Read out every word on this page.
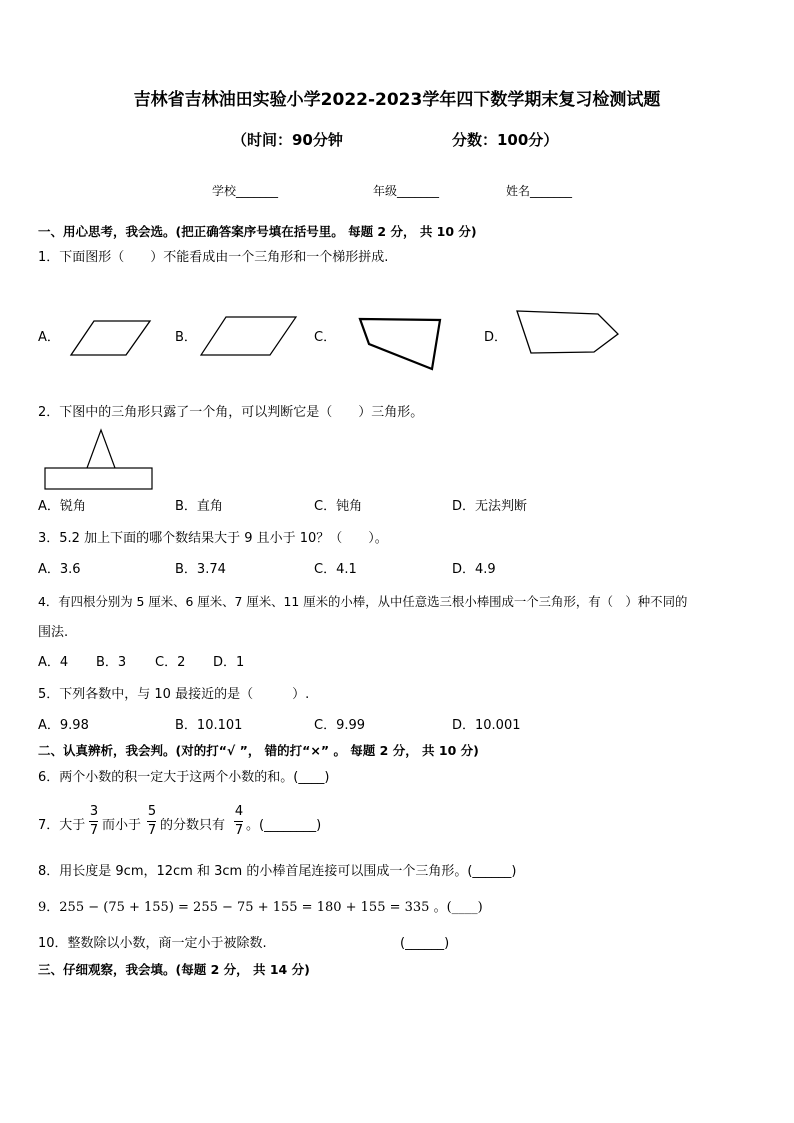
吉林省吉林油田实验小学2022-2023学年四下数学期末复习检测试题
（时间：90分钟	分数：100分）
学校_______	年级_______	姓名_______
一、用心思考，我会选。(把正确答案序号填在括号里。 每题 2 分， 共 10 分)
1．下面图形（　　）不能看成由一个三角形和一个梯形拼成.
A．	B．	C．	D．
2．下图中的三角形只露了一个角，可以判断它是（　　）三角形。
A．锐角	B．直角	C．钝角	D．无法判断
3．5.2 加上下面的哪个数结果大于 9 且小于 10？（　　）。
A．3.6	B．3.74	C．4.1	D．4.9
4．有四根分别为 5 厘米、6 厘米、7 厘米、11 厘米的小棒，从中任意选三根小棒围成一个三角形，有（　）种不同的
围法.
A．4 B．3 C．2 D．1
5．下列各数中，与 10 最接近的是（　　　）.
A．9.98	B．10.101	C．9.99	D．10.001
二、认真辨析，我会判。(对的打“√ ”， 错的打“×” 。 每题 2 分， 共 10 分)
6．两个小数的积一定大于这两个小数的和。(____)
7．大于
3
7 而小于
5
7 的分数只有
4
7 。(________)
8．用长度是 9cm，12cm 和 3cm 的小棒首尾连接可以围成一个三角形。(______)
9．255 − (75 + 155) = 255 − 75 + 155 = 180 + 155 = 335 。(____)
10．整数除以小数，商一定小于被除数.	(______)
三、仔细观察，我会填。(每题 2 分， 共 14 分)
